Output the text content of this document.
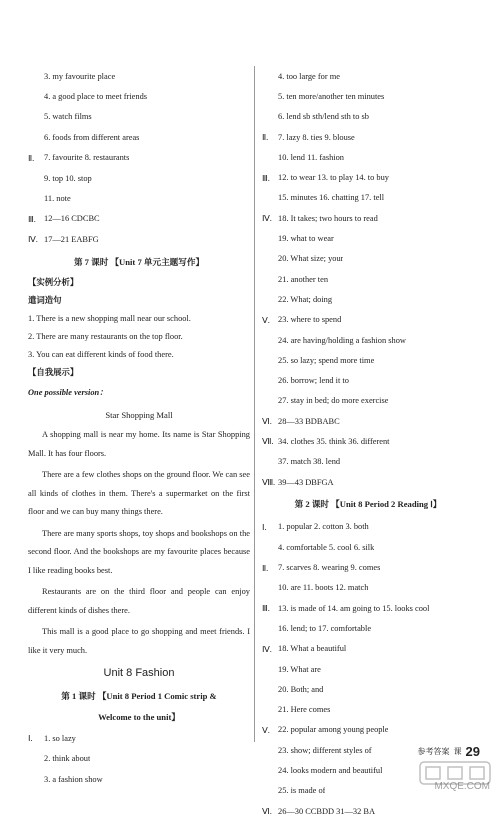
3. my favourite place
4. a good place to meet friends
5. watch films
6. foods from different areas
Ⅱ.	7. favourite 8. restaurants
9. top 10. stop
11. note
Ⅲ. 12—16 CDCBC
Ⅳ. 17—21 EABFG
第 7 课时 【Unit 7 单元主题写作】
【实例分析】
遣词造句
1. There is a new shopping mall near our school.
2. There are many restaurants on the top floor.
3. You can eat different kinds of food there.
【自我展示】
One possible version：
Star Shopping Mall

A shopping mall is near my home. Its name is Star Shopping Mall. It has four floors.

There are a few clothes shops on the ground floor. We can see all kinds of clothes in them. There's a supermarket on the first floor and we can buy many things there.

There are many sports shops, toy shops and bookshops on the second floor. And the bookshops are my favourite places because I like reading books best.

Restaurants are on the third floor and people can enjoy different kinds of dishes there.

This mall is a good place to go shopping and meet friends. I like it very much.

Unit 8 Fashion
第 1 课时 【Unit 8 Period 1 Comic strip &
Welcome to the unit】
Ⅰ.	1. so lazy
2. think about
3. a fashion show
4. too large for me
5. ten more/another ten minutes
6. lend sb sth/lend sth to sb
Ⅱ.	7. lazy 8. ties 9. blouse
10. lend 11. fashion
Ⅲ. 12. to wear 13. to play 14. to buy
15. minutes 16. chatting 17. tell
Ⅳ. 18. It takes; two hours to read
19. what to wear
20. What size; your
21. another ten
22. What; doing
Ⅴ. 23. where to spend
24. are having/holding a fashion show
25. so lazy; spend more time
26. borrow; lend it to
27. stay in bed; do more exercise
Ⅵ. 28—33 BDBABC
Ⅶ. 34. clothes 35. think 36. different
37. match 38. lend
Ⅷ. 39—43 DBFGA
第 2 课时 【Unit 8 Period 2 Reading Ⅰ】
Ⅰ.	1. popular 2. cotton 3. both
4. comfortable 5. cool 6. silk
Ⅱ.	7. scarves 8. wearing 9. comes
10. are 11. boots 12. match
Ⅲ. 13. is made of 14. am going to 15. looks cool
16. lend; to 17. comfortable
Ⅳ. 18. What a beautiful
19. What are
20. Both; and
21. Here comes
Ⅴ. 22. popular among young people
23. show; different styles of
24. looks modern and beautiful
25. is made of
Ⅵ. 26—30 CCBDD 31—32 BA
参考答案 课 29
MXQE.COM
